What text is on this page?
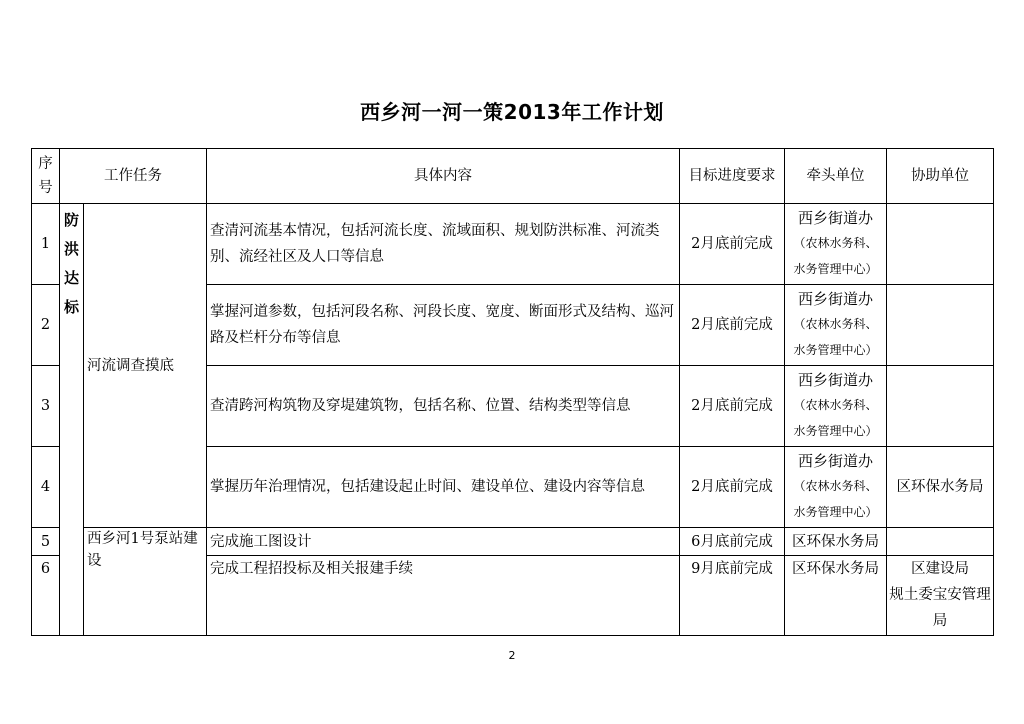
西乡河一河一策2013年工作计划
序号	工作任务		具体内容	目标进度要求	牵头单位	协助单位
1	防洪达标	河流调查摸底	查清河流基本情况，包括河流长度、流域面积、规划防洪标准、河流类别、流经社区及人口等信息	2月底前完成	西乡街道办
（农林水务科、
水务管理中心）	

2			掌握河道参数，包括河段名称、河段长度、宽度、断面形式及结构、巡河路及栏杆分布等信息	2月底前完成	西乡街道办
（农林水务科、
水务管理中心）	

3			查清跨河构筑物及穿堤建筑物，包括名称、位置、结构类型等信息	2月底前完成	西乡街道办
（农林水务科、
水务管理中心）	

4			掌握历年治理情况，包括建设起止时间、建设单位、建设内容等信息	2月底前完成	西乡街道办
（农林水务科、
水务管理中心）	区环保水务局
5		西乡河1号泵站建设	完成施工图设计	6月底前完成	区环保水务局	
6			完成工程招投标及相关报建手续	9月底前完成	区环保水务局	区建设局
规土委宝安管理局
2
